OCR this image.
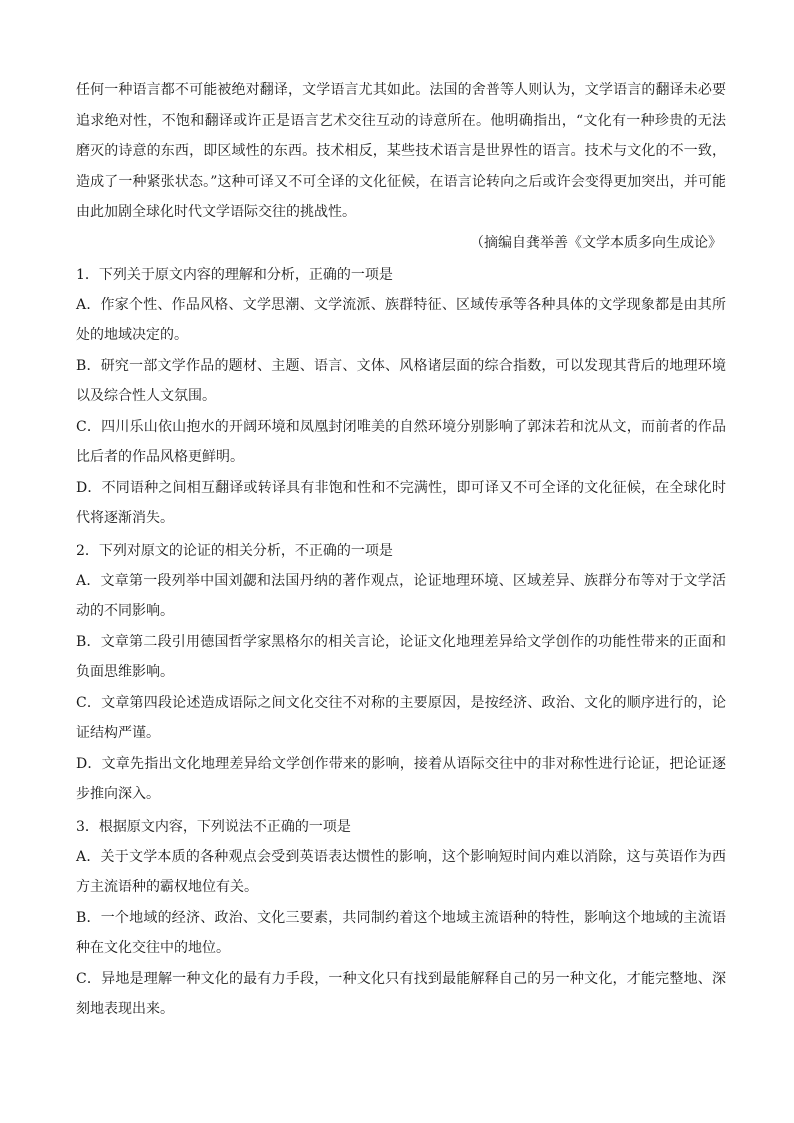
任何一种语言都不可能被绝对翻译，文学语言尤其如此。法国的舍普等人则认为，文学语言的翻译未必要追求绝对性，不饱和翻译或许正是语言艺术交往互动的诗意所在。他明确指出，“文化有一种珍贵的无法磨灭的诗意的东西，即区域性的东西。技术相反，某些技术语言是世界性的语言。技术与文化的不一致，造成了一种紧张状态。”这种可译又不可全译的文化征候，在语言论转向之后或许会变得更加突出，并可能由此加剧全球化时代文学语际交往的挑战性。

（摘编自龚举善《文学本质多向生成论》

1．下列关于原文内容的理解和分析，正确的一项是

A．作家个性、作品风格、文学思潮、文学流派、族群特征、区域传承等各种具体的文学现象都是由其所处的地域决定的。

B．研究一部文学作品的题材、主题、语言、文体、风格诸层面的综合指数，可以发现其背后的地理环境以及综合性人文氛围。

C．四川乐山依山抱水的开阔环境和凤凰封闭唯美的自然环境分别影响了郭沫若和沈从文，而前者的作品比后者的作品风格更鲜明。

D．不同语种之间相互翻译或转译具有非饱和性和不完满性，即可译又不可全译的文化征候，在全球化时代将逐渐消失。

2．下列对原文的论证的相关分析，不正确的一项是

A．文章第一段列举中国刘勰和法国丹纳的著作观点，论证地理环境、区域差异、族群分布等对于文学活动的不同影响。

B．文章第二段引用德国哲学家黑格尔的相关言论，论证文化地理差异给文学创作的功能性带来的正面和负面思维影响。

C．文章第四段论述造成语际之间文化交往不对称的主要原因，是按经济、政治、文化的顺序进行的，论证结构严谨。

D．文章先指出文化地理差异给文学创作带来的影响，接着从语际交往中的非对称性进行论证，把论证逐步推向深入。

3．根据原文内容，下列说法不正确的一项是

A．关于文学本质的各种观点会受到英语表达惯性的影响，这个影响短时间内难以消除，这与英语作为西方主流语种的霸权地位有关。

B．一个地域的经济、政治、文化三要素，共同制约着这个地域主流语种的特性，影响这个地域的主流语种在文化交往中的地位。

C．异地是理解一种文化的最有力手段，一种文化只有找到最能解释自己的另一种文化，才能完整地、深刻地表现出来。
